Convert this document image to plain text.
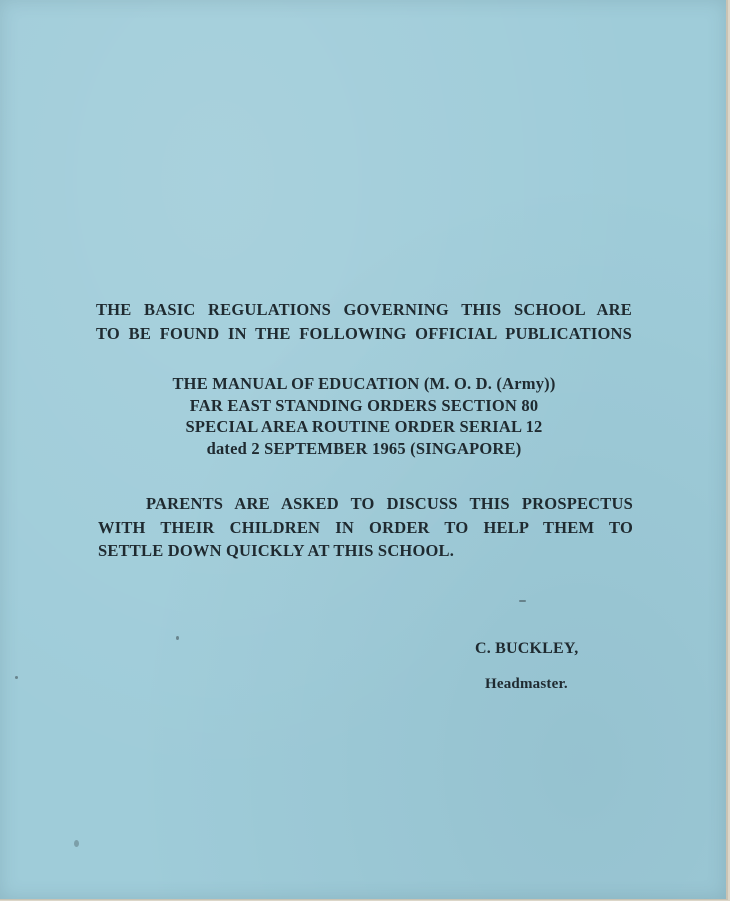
THE BASIC REGULATIONS GOVERNING THIS SCHOOL ARE
TO BE FOUND IN THE FOLLOWING OFFICIAL PUBLICATIONS
THE MANUAL OF EDUCATION (M. O. D. (Army))
FAR EAST STANDING ORDERS SECTION 80
SPECIAL AREA ROUTINE ORDER SERIAL 12
dated 2 SEPTEMBER 1965 (SINGAPORE)
PARENTS ARE ASKED TO DISCUSS THIS PROSPECTUS
WITH THEIR CHILDREN IN ORDER TO HELP THEM TO
SETTLE DOWN QUICKLY AT THIS SCHOOL.
C. BUCKLEY,
Headmaster.
